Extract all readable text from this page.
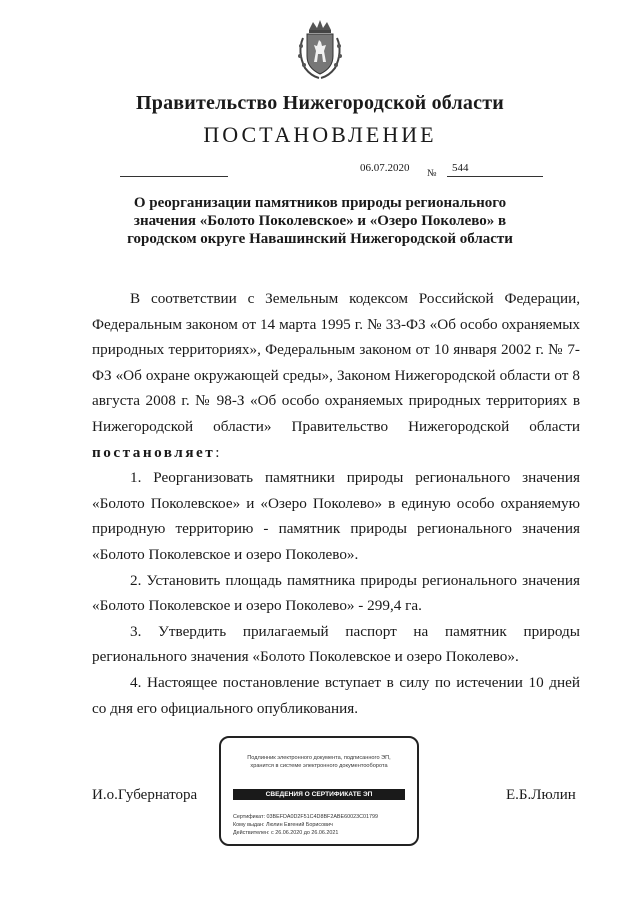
Правительство Нижегородской области
ПОСТАНОВЛЕНИЕ
06.07.2020 № 544
О реорганизации памятников природы регионального значения «Болото Поколевское» и «Озеро Поколево» в городском округе Навашинский Нижегородской области

В соответствии с Земельным кодексом Российской Федерации, Федеральным законом от 14 марта 1995 г. № 33-ФЗ «Об особо охраняемых природных территориях», Федеральным законом от 10 января 2002 г. № 7-ФЗ «Об охране окружающей среды», Законом Нижегородской области от 8 августа 2008 г. № 98-З «Об особо охраняемых природных территориях в Нижегородской области» Правительство Нижегородской области постановляет:

1. Реорганизовать памятники природы регионального значения «Болото Поколевское» и «Озеро Поколево» в единую особо охраняемую природную территорию - памятник природы регионального значения «Болото Поколевское и озеро Поколево».

2. Установить площадь памятника природы регионального значения «Болото Поколевское и озеро Поколево» - 299,4 га.

3. Утвердить прилагаемый паспорт на памятник природы регионального значения «Болото Поколевское и озеро Поколево».

4. Настоящее постановление вступает в силу по истечении 10 дней со дня его официального опубликования.

И.о.Губернатора	Е.Б.Люлин
Подлинник электронного документа, подписанного ЭП,
хранится в системе электронного документооборота
СВЕДЕНИЯ О СЕРТИФИКАТЕ ЭП
Сертификат: 03BEFDA0D2F51C4D8BF2ABE60023C01799
Кому выдан: Люлин Евгений Борисович
Действителен: с 26.06.2020 до 26.06.2021
